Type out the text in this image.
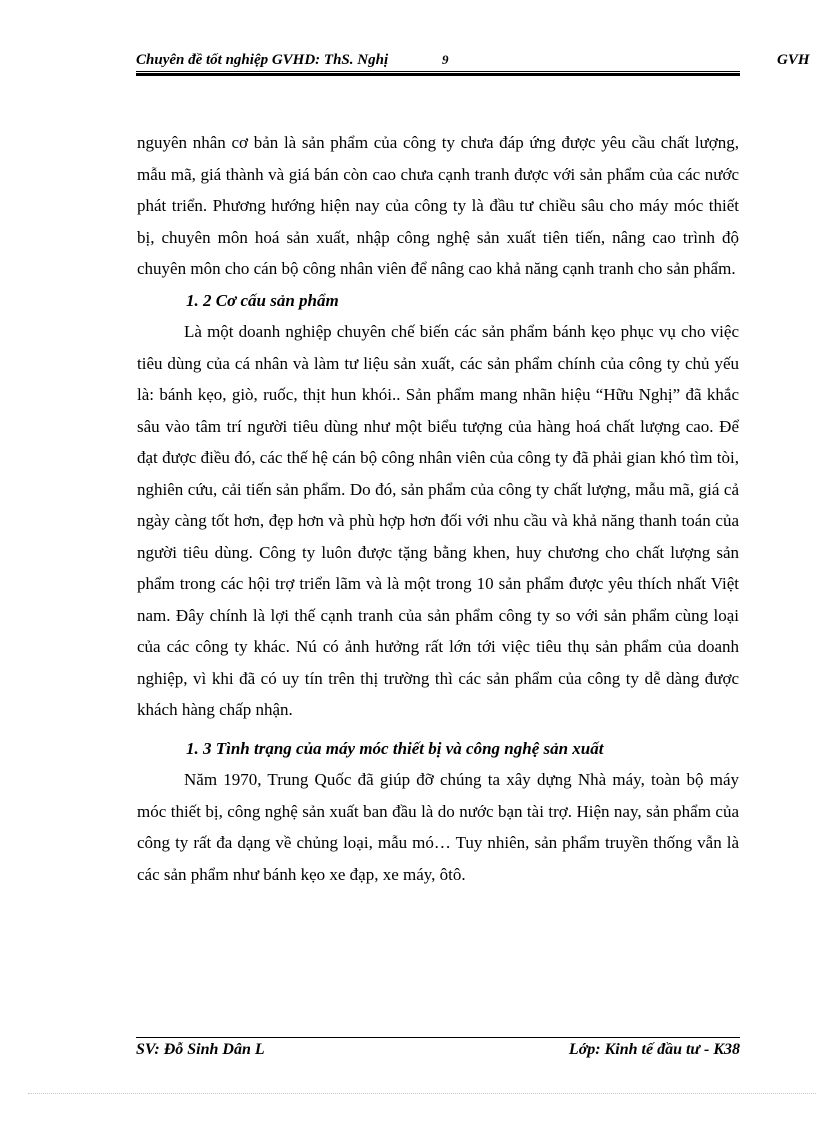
Chuyên đề tốt nghiệp GVHD: ThS. Nghị	9	GVH

nguyên nhân cơ bản là sản phẩm của công ty chưa đáp ứng được yêu cầu chất lượng, mẫu mã, giá thành và giá bán còn cao chưa cạnh tranh được với sản phẩm của các nước phát triển. Phương hướng hiện nay của công ty là đầu tư chiều sâu cho máy móc thiết bị, chuyên môn hoá sản xuất, nhập công nghệ sản xuất tiên tiến, nâng cao trình độ chuyên môn cho cán bộ công nhân viên để nâng cao khả năng cạnh tranh cho sản phẩm.

1. 2 Cơ cấu sản phẩm

Là một doanh nghiệp chuyên chế biến các sản phẩm bánh kẹo phục vụ cho việc tiêu dùng của cá nhân và làm tư liệu sản xuất, các sản phẩm chính của công ty chủ yếu là: bánh kẹo, giò, ruốc, thịt hun khói.. Sản phẩm mang nhãn hiệu “Hữu Nghị” đã khắc sâu vào tâm trí người tiêu dùng như một biểu tượng của hàng hoá chất lượng cao. Để đạt được điều đó, các thế hệ cán bộ công nhân viên của công ty đã phải gian khó tìm tòi, nghiên cứu, cải tiến sản phẩm. Do đó, sản phẩm của công ty chất lượng, mẫu mã, giá cả ngày càng tốt hơn, đẹp hơn và phù hợp hơn đối với nhu cầu và khả năng thanh toán của người tiêu dùng. Công ty luôn được tặng bằng khen, huy chương cho chất lượng sản phẩm trong các hội trợ triển lãm và là một trong 10 sản phẩm được yêu thích nhất Việt nam. Đây chính là lợi thế cạnh tranh của sản phẩm công ty so với sản phẩm cùng loại của các công ty khác. Nú có ảnh hưởng rất lớn tới việc tiêu thụ sản phẩm của doanh nghiệp, vì khi đã có uy tín trên thị trường thì các sản phẩm của công ty dễ dàng được khách hàng chấp nhận.

1. 3 Tình trạng của máy móc thiết bị và công nghệ sản xuất

Năm 1970, Trung Quốc đã giúp đỡ chúng ta xây dựng Nhà máy, toàn bộ máy móc thiết bị, công nghệ sản xuất ban đầu là do nước bạn tài trợ. Hiện nay, sản phẩm của công ty rất đa dạng về chủng loại, mẫu mó… Tuy nhiên, sản phẩm truyền thống vẫn là các sản phẩm như bánh kẹo xe đạp, xe máy, ôtô.

SV: Đỗ Sinh Dân L	Lớp: Kinh tế đầu tư - K38
